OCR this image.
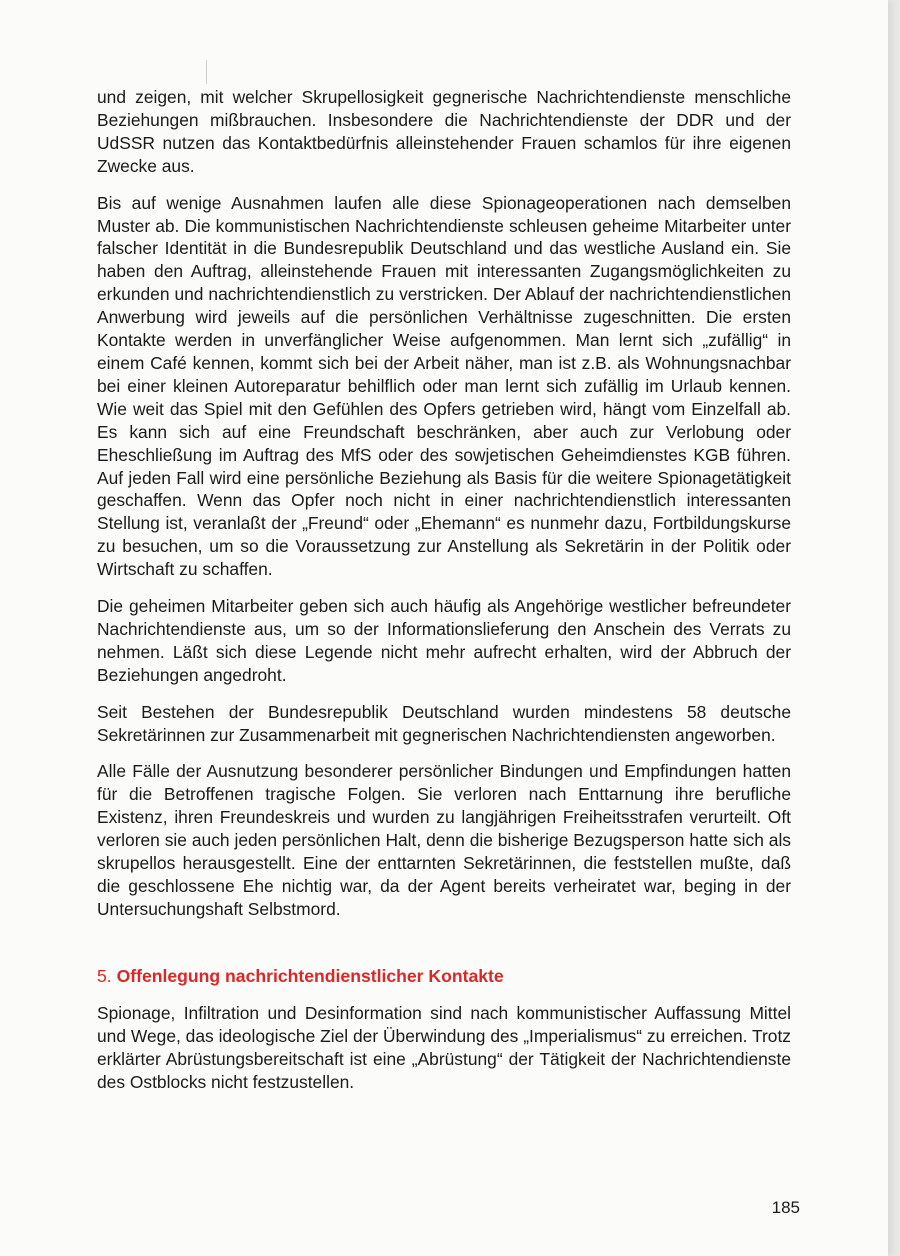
und zeigen, mit welcher Skrupellosigkeit gegnerische Nachrichtendienste menschliche Beziehungen mißbrauchen. Insbesondere die Nachrichtendienste der DDR und der UdSSR nutzen das Kontaktbedürfnis alleinstehender Frauen schamlos für ihre eigenen Zwecke aus.

Bis auf wenige Ausnahmen laufen alle diese Spionageoperationen nach demselben Muster ab. Die kommunistischen Nachrichtendienste schleusen geheime Mitarbeiter unter falscher Identität in die Bundesrepublik Deutschland und das westliche Ausland ein. Sie haben den Auftrag, alleinstehende Frauen mit interessanten Zugangsmöglichkeiten zu erkunden und nachrichtendienstlich zu verstricken. Der Ablauf der nachrichtendienstlichen Anwerbung wird jeweils auf die persönlichen Verhältnisse zugeschnitten. Die ersten Kontakte werden in unverfänglicher Weise aufgenommen. Man lernt sich „zufällig“ in einem Café kennen, kommt sich bei der Arbeit näher, man ist z.B. als Wohnungsnachbar bei einer kleinen Autoreparatur behilflich oder man lernt sich zufällig im Urlaub kennen. Wie weit das Spiel mit den Gefühlen des Opfers getrieben wird, hängt vom Einzelfall ab. Es kann sich auf eine Freundschaft beschränken, aber auch zur Verlobung oder Eheschließung im Auftrag des MfS oder des sowjetischen Geheimdienstes KGB führen. Auf jeden Fall wird eine persönliche Beziehung als Basis für die weitere Spionagetätigkeit geschaffen. Wenn das Opfer noch nicht in einer nachrichtendienstlich interessanten Stellung ist, veranlaßt der „Freund“ oder „Ehemann“ es nunmehr dazu, Fortbildungskurse zu besuchen, um so die Voraussetzung zur Anstellung als Sekretärin in der Politik oder Wirtschaft zu schaffen.

Die geheimen Mitarbeiter geben sich auch häufig als Angehörige westlicher befreundeter Nachrichtendienste aus, um so der Informationslieferung den Anschein des Verrats zu nehmen. Läßt sich diese Legende nicht mehr aufrecht erhalten, wird der Abbruch der Beziehungen angedroht.

Seit Bestehen der Bundesrepublik Deutschland wurden mindestens 58 deutsche Sekretärinnen zur Zusammenarbeit mit gegnerischen Nachrichtendiensten angeworben.

Alle Fälle der Ausnutzung besonderer persönlicher Bindungen und Empfindungen hatten für die Betroffenen tragische Folgen. Sie verloren nach Enttarnung ihre berufliche Existenz, ihren Freundeskreis und wurden zu langjährigen Freiheitsstrafen verurteilt. Oft verloren sie auch jeden persönlichen Halt, denn die bisherige Bezugsperson hatte sich als skrupellos herausgestellt. Eine der enttarnten Sekretärinnen, die feststellen mußte, daß die geschlossene Ehe nichtig war, da der Agent bereits verheiratet war, beging in der Untersuchungshaft Selbstmord.

5. Offenlegung nachrichtendienstlicher Kontakte

Spionage, Infiltration und Desinformation sind nach kommunistischer Auffassung Mittel und Wege, das ideologische Ziel der Überwindung des „Imperialismus“ zu erreichen. Trotz erklärter Abrüstungsbereitschaft ist eine „Abrüstung“ der Tätigkeit der Nachrichtendienste des Ostblocks nicht festzustellen.

185
